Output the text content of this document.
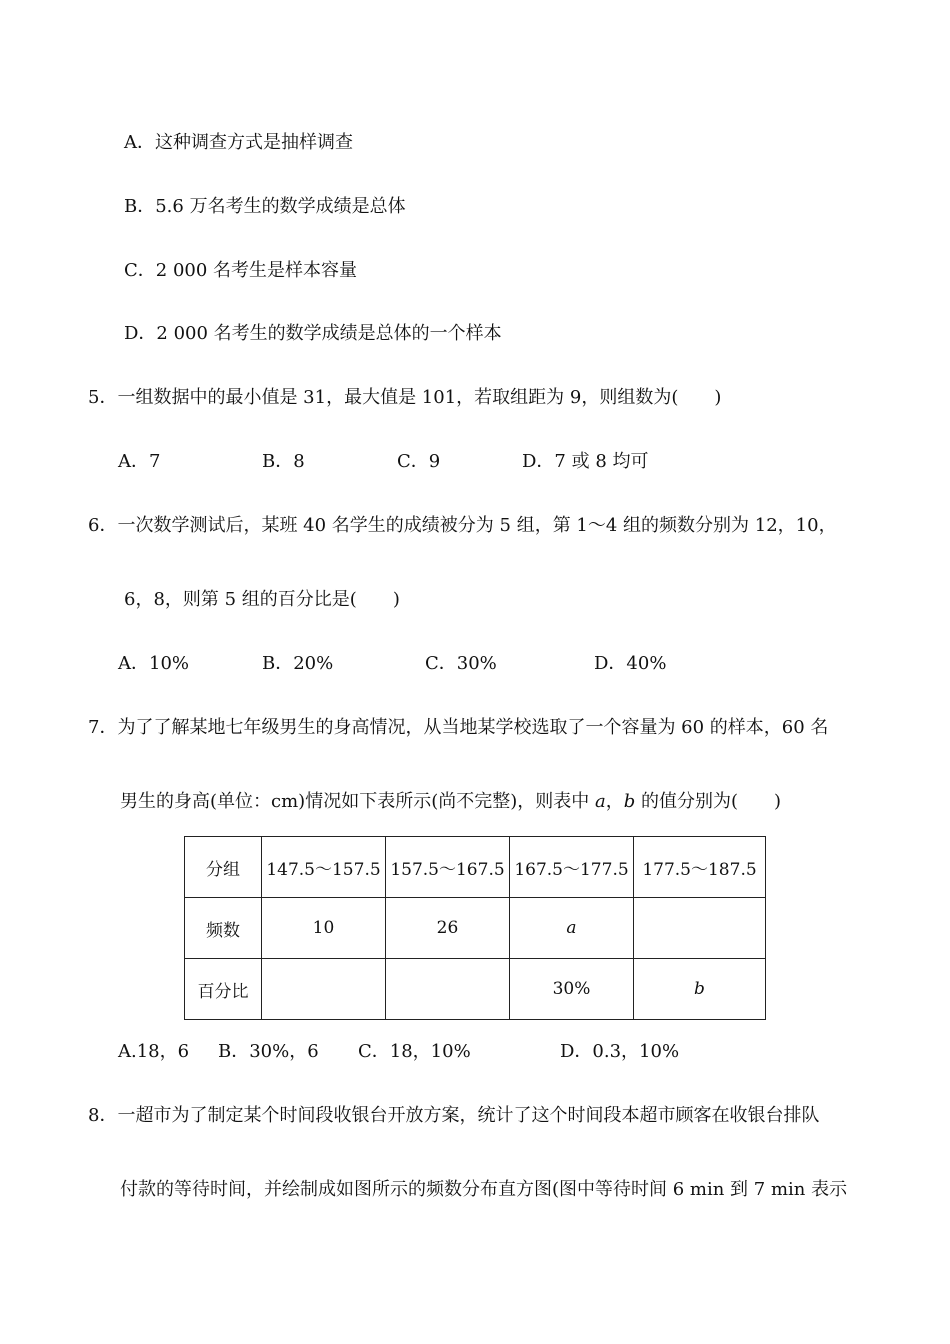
A．这种调查方式是抽样调查
B．5.6 万名考生的数学成绩是总体
C．2 000 名考生是样本容量
D．2 000 名考生的数学成绩是总体的一个样本
5．一组数据中的最小值是 31，最大值是 101，若取组距为 9，则组数为(　　)
A．7	B．8	C．9	D．7 或 8 均可
6．一次数学测试后，某班 40 名学生的成绩被分为 5 组，第 1～4 组的频数分别为 12，10，
6，8，则第 5 组的百分比是(　　)
A．10%	B．20%	C．30%	D．40%
7．为了了解某地七年级男生的身高情况，从当地某学校选取了一个容量为 60 的样本，60 名
男生的身高(单位：cm)情况如下表所示(尚不完整)，则表中 a，b 的值分别为(　　)
分组	147.5～157.5	157.5～167.5	167.5～177.5	177.5～187.5
频数	10	26	a	
百分比			30%	b
A.18，6 B．30%，6 C．18，10%	D．0.3，10%
8．一超市为了制定某个时间段收银台开放方案，统计了这个时间段本超市顾客在收银台排队
付款的等待时间，并绘制成如图所示的频数分布直方图(图中等待时间 6 min 到 7 min 表示
